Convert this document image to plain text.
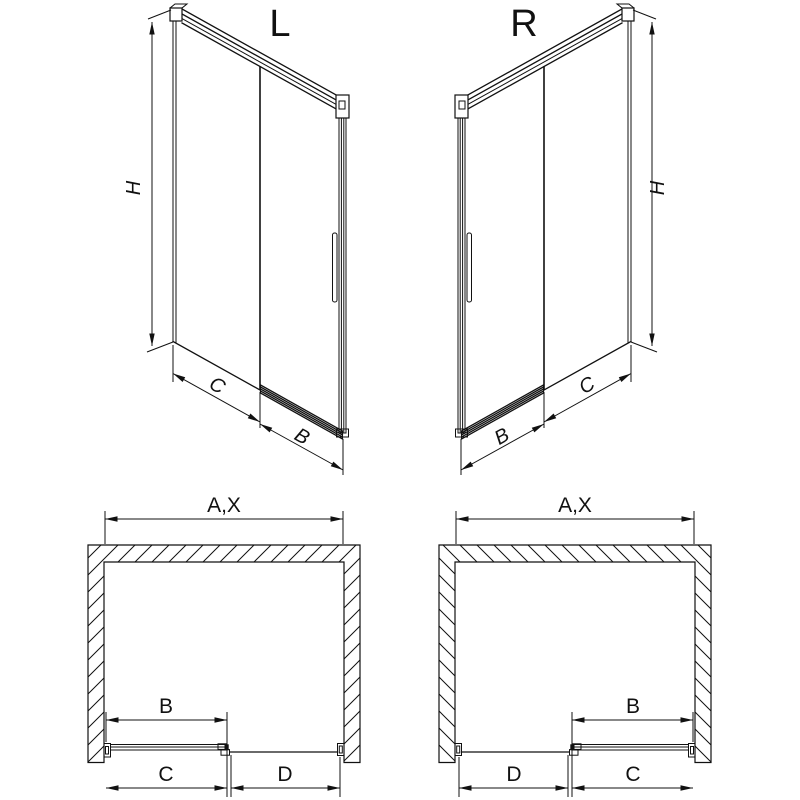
L
H
C
B
R
H
C
B
A,X
B
C	D
A,X
B
C
D
